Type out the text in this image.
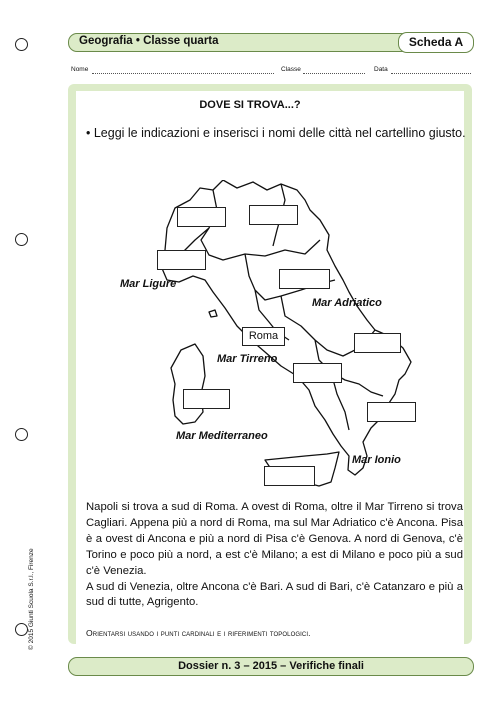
Geografia • Classe quarta	Scheda A
Nome	Classe	Data
DOVE SI TROVA...?
• Leggi le indicazioni e inserisci i nomi delle città nel cartellino giusto.
Roma
Mar Ligure
Mar Adriatico
Mar Tirreno
Mar Mediterraneo
Mar Ionio

Napoli si trova a sud di Roma. A ovest di Roma, oltre il Mar Tirreno si trova Cagliari. Appena più a nord di Roma, ma sul Mar Adriatico c'è Ancona. Pisa è a ovest di Ancona e più a nord di Pisa c'è Genova. A nord di Genova, c'è Torino e poco più a nord, a est c'è Milano; a est di Milano e poco più a sud c'è Venezia.

A sud di Venezia, oltre Ancona c'è Bari. A sud di Bari, c'è Catanzaro e più a sud di tutte, Agrigento.

Orientarsi usando i punti cardinali e i riferimenti topologici.
Dossier n. 3 – 2015 – Verifiche finali
© 2015 Giunti Scuola S.r.l., Firenze
